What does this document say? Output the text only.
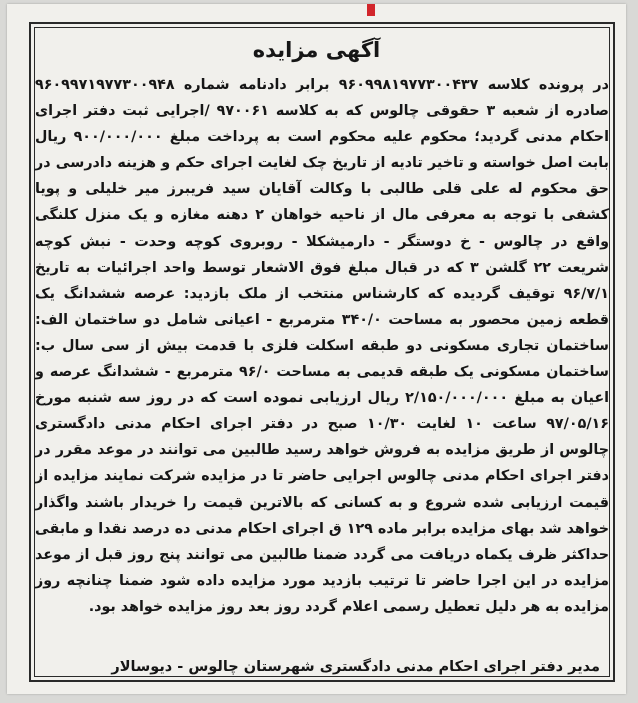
آگهی مزایده

در پرونده کلاسه ۹۶۰۹۹۸۱۹۷۷۳۰۰۴۳۷ برابر دادنامه شماره ۹۶۰۹۹۷۱۹۷۷۳۰۰۹۴۸ صادره از شعبه ۳ حقوقی چالوس که به کلاسه ۹۷۰۰۶۱ /اجرایی ثبت دفتر اجرای احکام مدنی گردید؛ محکوم علیه محکوم است به پرداخت مبلغ ۹۰۰/۰۰۰/۰۰۰ ریال بابت اصل خواسته و تاخیر تادیه از تاریخ چک لغایت اجرای حکم و هزینه دادرسی در حق محکوم له علی قلی طالبی با وکالت آقایان سید فریبرز میر خلیلی و پویا کشفی با توجه به معرفی مال از ناحیه خواهان ۲ دهنه مغازه و یک منزل کلنگی واقع در چالوس - خ دوستگر - دارمیشکلا - روبروی کوچه وحدت - نبش کوچه شریعت ۲۲ گلشن ۳ که در قبال مبلغ فوق الاشعار توسط واحد اجرائیات به تاریخ ۹۶/۷/۱ توقیف گردیده که کارشناس منتخب از ملک بازدید: عرصه ششدانگ یک قطعه زمین محصور به مساحت ۳۴۰/۰ مترمربع - اعیانی شامل دو ساختمان الف: ساختمان تجاری مسکونی دو طبقه اسکلت فلزی با قدمت بیش از سی سال ب: ساختمان مسکونی یک طبقه قدیمی به مساحت ۹۶/۰ مترمربع - ششدانگ عرصه و اعیان به مبلغ ۲/۱۵۰/۰۰۰/۰۰۰ ریال ارزیابی نموده است که در روز سه شنبه مورخ ۹۷/۰۵/۱۶ ساعت ۱۰ لغایت ۱۰/۳۰ صبح در دفتر اجرای احکام مدنی دادگستری چالوس از طریق مزایده به فروش خواهد رسید طالبین می توانند در موعد مقرر در دفتر اجرای احکام مدنی چالوس اجرایی حاضر تا در مزایده شرکت نمایند مزایده از قیمت ارزیابی شده شروع و به کسانی که بالاترین قیمت را خریدار باشند واگذار خواهد شد بهای مزایده برابر ماده ۱۲۹ ق اجرای احکام مدنی ده درصد نقدا و مابقی حداکثر ظرف یکماه دریافت می گردد ضمنا طالبین می توانند پنج روز قبل از موعد مزایده در این اجرا حاضر تا ترتیب بازدید مورد مزایده داده شود ضمنا چنانچه روز مزایده به هر دلیل تعطیل رسمی اعلام گردد روز بعد روز مزایده خواهد بود.

مدیر دفتر اجرای احکام مدنی دادگستری شهرستان چالوس - دیوسالار
